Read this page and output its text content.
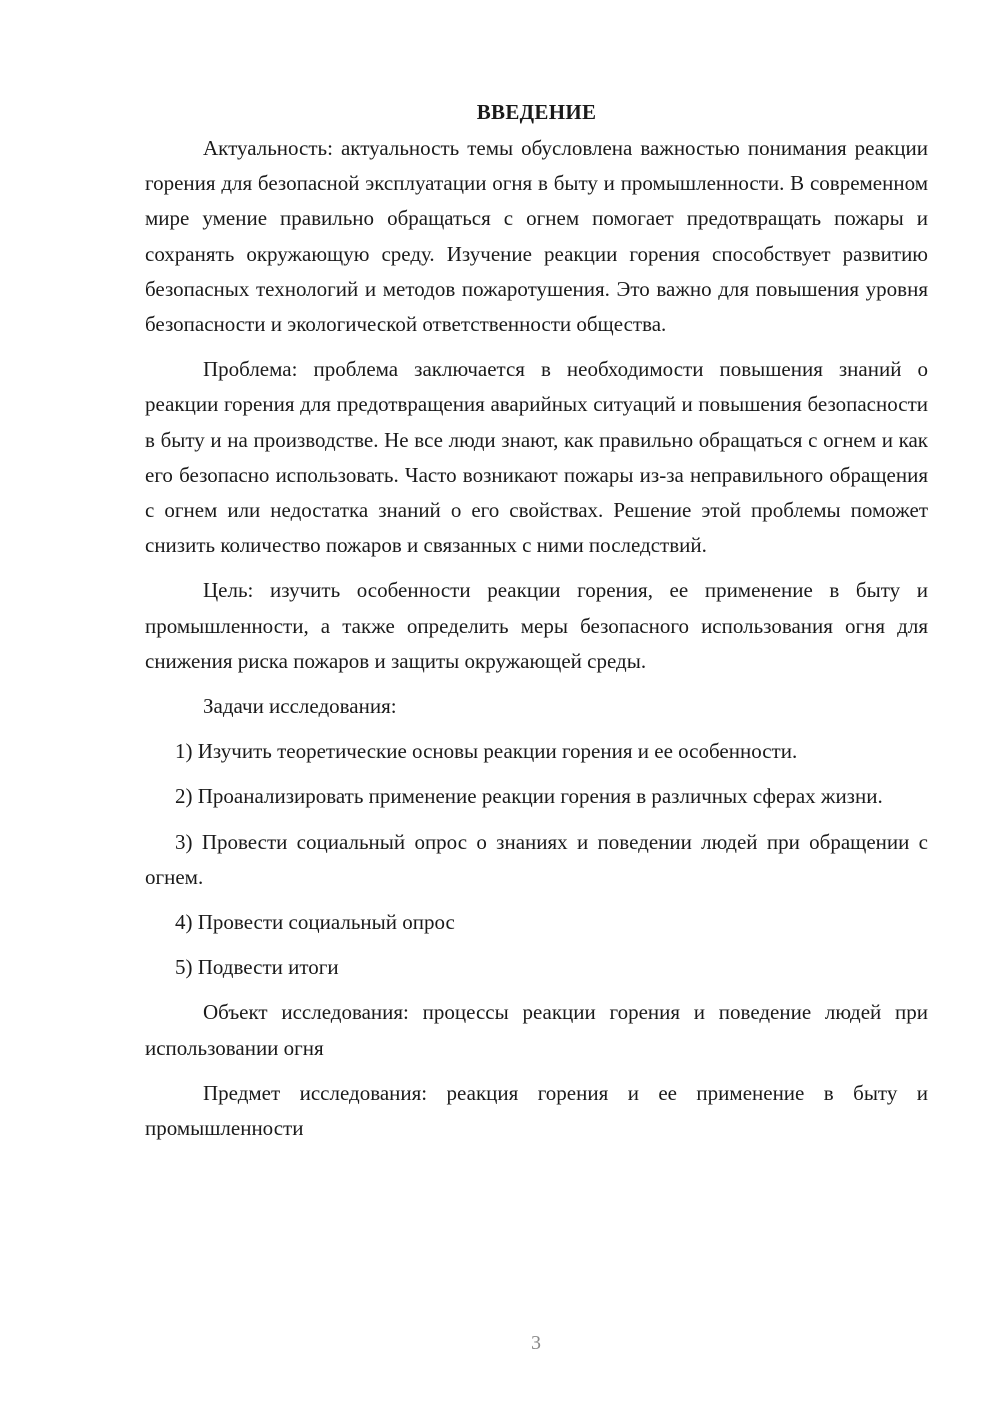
ВВЕДЕНИЕ

Актуальность: актуальность темы обусловлена важностью понимания реакции горения для безопасной эксплуатации огня в быту и промышленности. В современном мире умение правильно обращаться с огнем помогает предотвращать пожары и сохранять окружающую среду. Изучение реакции горения способствует развитию безопасных технологий и методов пожаротушения. Это важно для повышения уровня безопасности и экологической ответственности общества.

Проблема: проблема заключается в необходимости повышения знаний о реакции горения для предотвращения аварийных ситуаций и повышения безопасности в быту и на производстве. Не все люди знают, как правильно обращаться с огнем и как его безопасно использовать. Часто возникают пожары из-за неправильного обращения с огнем или недостатка знаний о его свойствах. Решение этой проблемы поможет снизить количество пожаров и связанных с ними последствий.

Цель: изучить особенности реакции горения, ее применение в быту и промышленности, а также определить меры безопасного использования огня для снижения риска пожаров и защиты окружающей среды.

Задачи исследования:

1) Изучить теоретические основы реакции горения и ее особенности.

2) Проанализировать применение реакции горения в различных сферах жизни.

3) Провести социальный опрос о знаниях и поведении людей при обращении с огнем.

4) Провести социальный опрос

5) Подвести итоги

Объект исследования: процессы реакции горения и поведение людей при использовании огня

Предмет исследования: реакция горения и ее применение в быту и промышленности

3
